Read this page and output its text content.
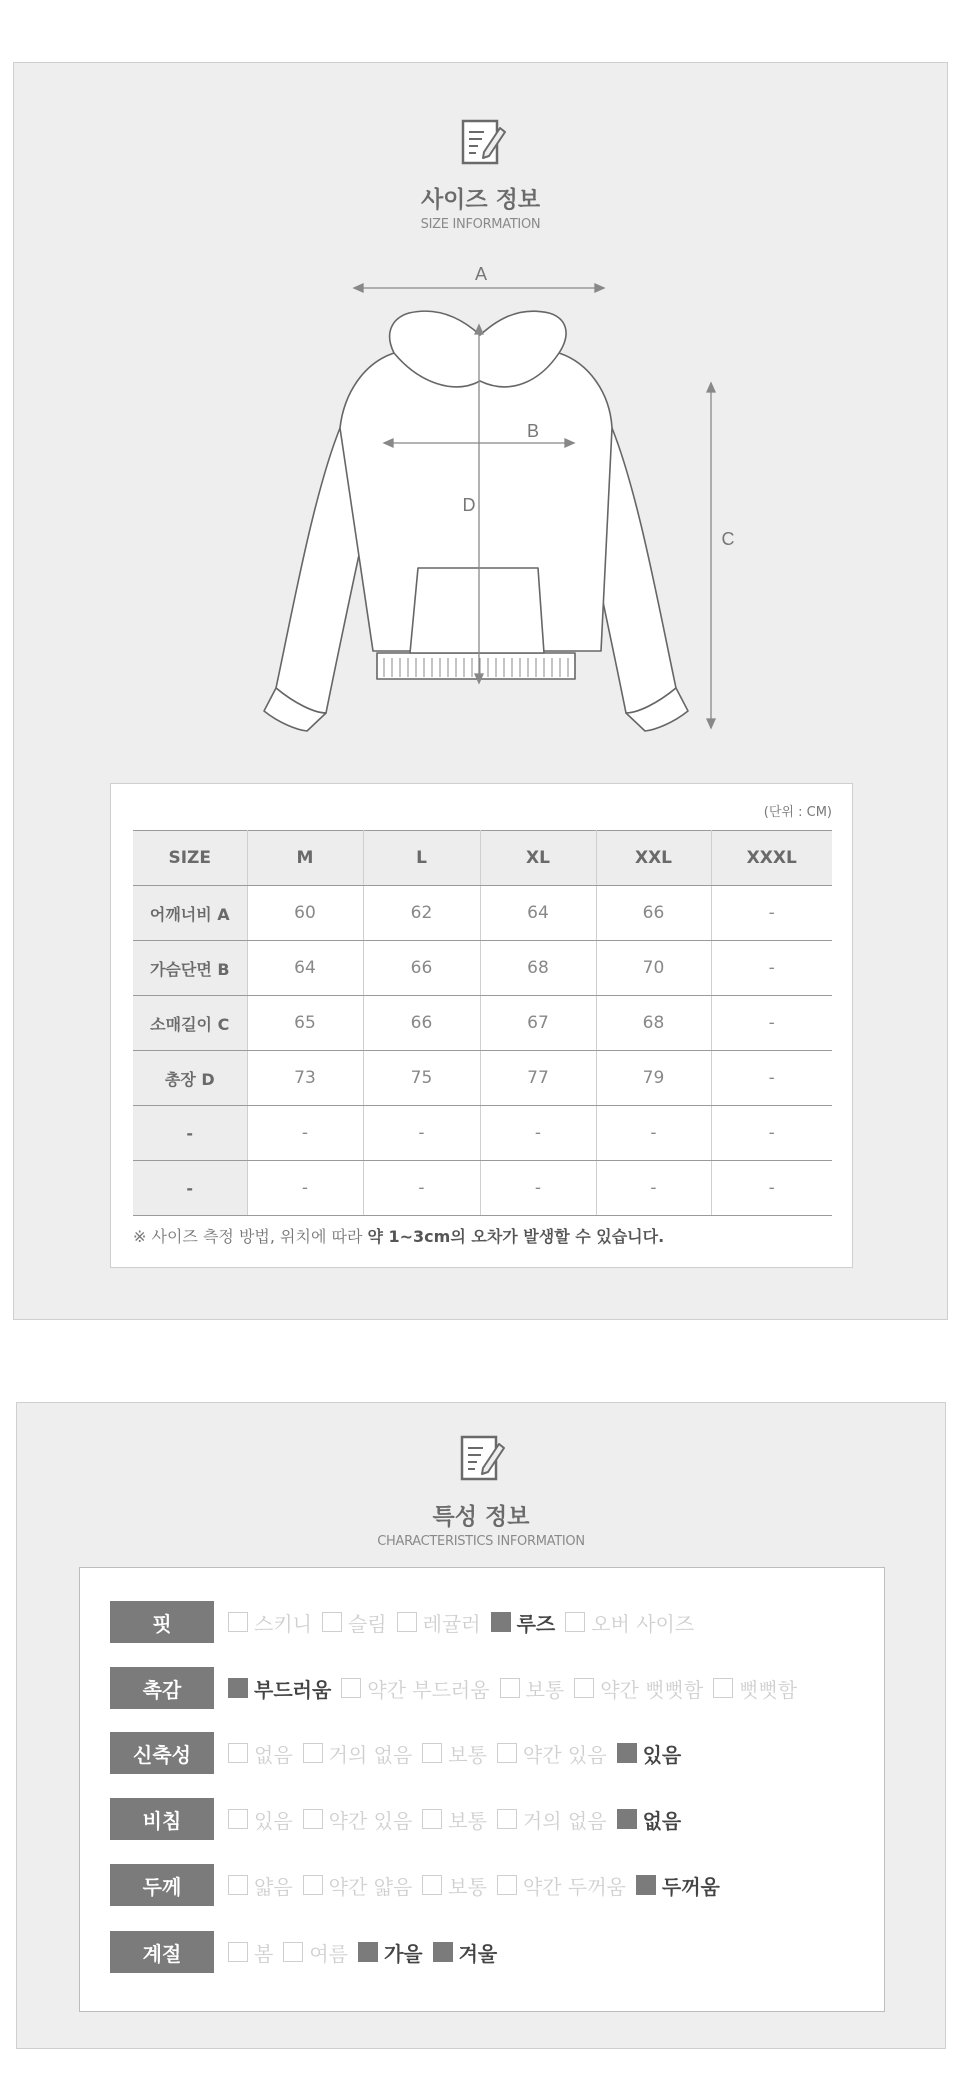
사이즈 정보
SIZE INFORMATION
A
B
D
C
(단위 : CM)
SIZE	M	L	XL	XXL	XXXL
어깨너비 A	60	62	64	66	-
가슴단면 B	64	66	68	70	-
소매길이 C	65	66	67	68	-
총장 D	73	75	77	79	-
-	-	-	-	-	-
-	-	-	-	-	-
※ 사이즈 측정 방법, 위치에 따라 약 1~3cm의 오차가 발생할 수 있습니다.
특성 정보
CHARACTERISTICS INFORMATION
핏	스키니 슬림 레귤러 루즈 오버 사이즈
촉감	부드러움 약간 부드러움 보통 약간 뻣뻣함 뻣뻣함
신축성	없음 거의 없음 보통 약간 있음 있음
비침	있음 약간 있음 보통 거의 없음 없음
두께	얇음 약간 얇음 보통 약간 두꺼움 두꺼움
계절	봄 여름 가을 겨울
